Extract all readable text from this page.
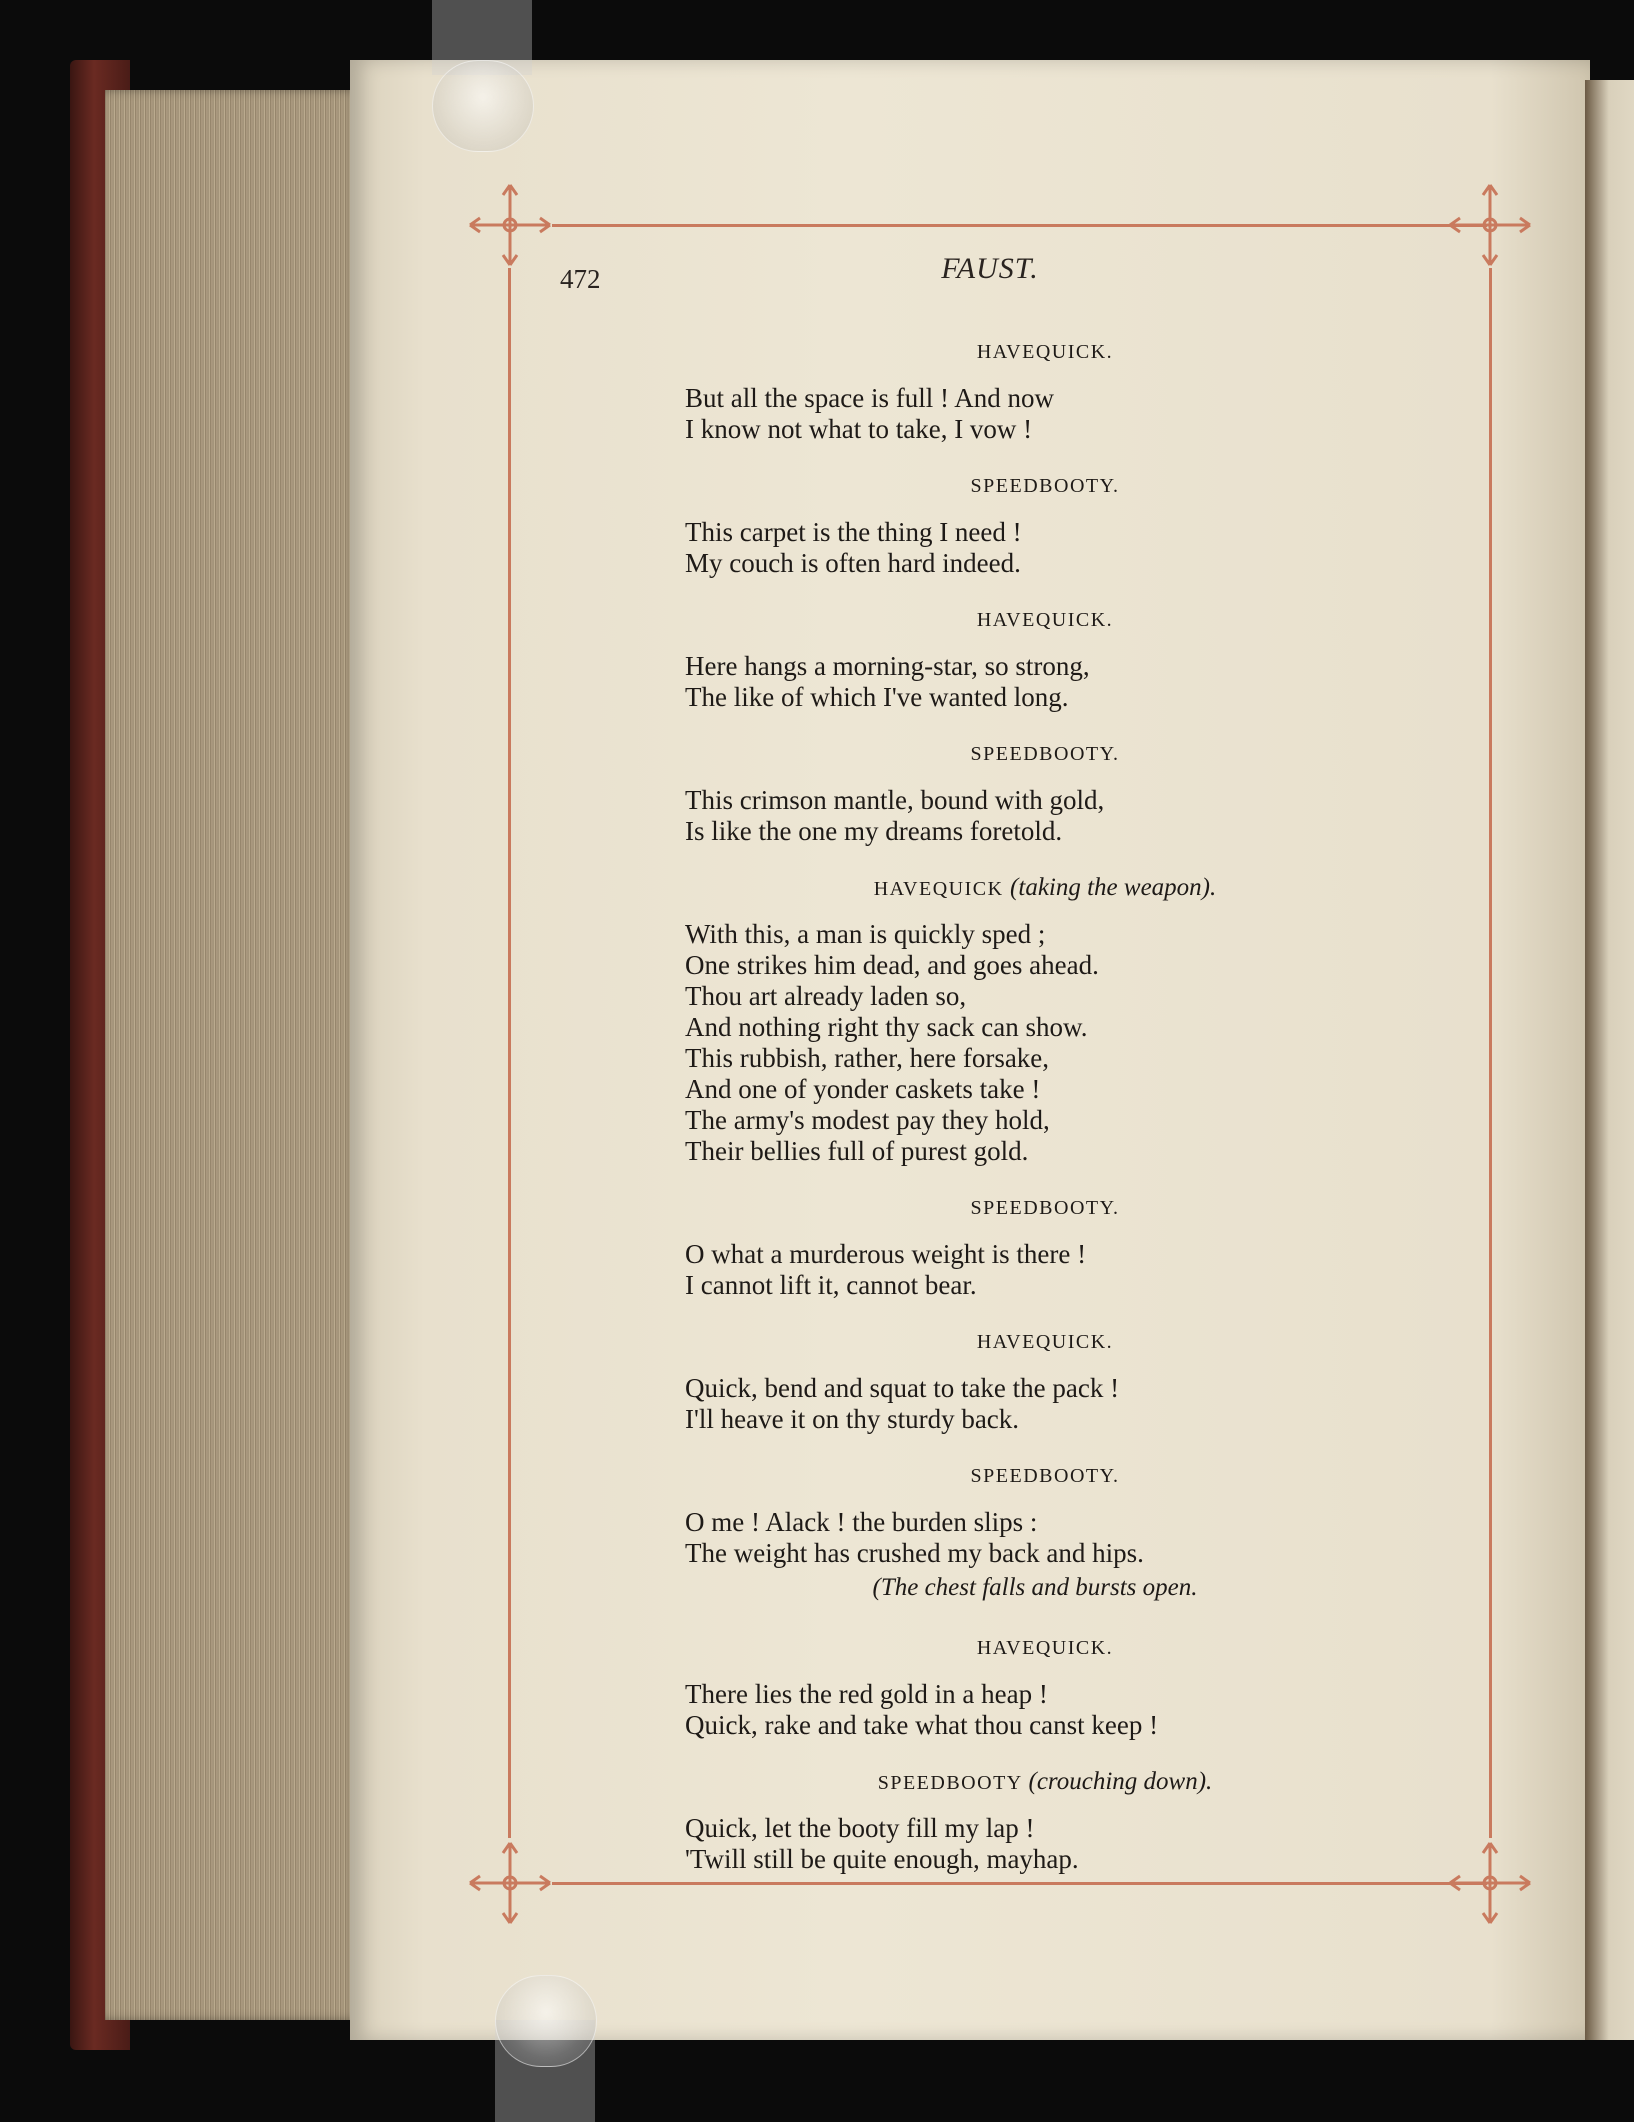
472	FAUST.
HAVEQUICK.
But all the space is full ! And now
I know not what to take, I vow !
SPEEDBOOTY.
This carpet is the thing I need !
My couch is often hard indeed.
HAVEQUICK.
Here hangs a morning-star, so strong,
The like of which I've wanted long.
SPEEDBOOTY.
This crimson mantle, bound with gold,
Is like the one my dreams foretold.
HAVEQUICK (taking the weapon).
With this, a man is quickly sped ;
One strikes him dead, and goes ahead.
Thou art already laden so,
And nothing right thy sack can show.
This rubbish, rather, here forsake,
And one of yonder caskets take !
The army's modest pay they hold,
Their bellies full of purest gold.
SPEEDBOOTY.
O what a murderous weight is there !
I cannot lift it, cannot bear.
HAVEQUICK.
Quick, bend and squat to take the pack !
I'll heave it on thy sturdy back.
SPEEDBOOTY.
O me ! Alack ! the burden slips :
The weight has crushed my back and hips.
(The chest falls and bursts open.
HAVEQUICK.
There lies the red gold in a heap !
Quick, rake and take what thou canst keep !
SPEEDBOOTY (crouching down).
Quick, let the booty fill my lap !
'Twill still be quite enough, mayhap.
